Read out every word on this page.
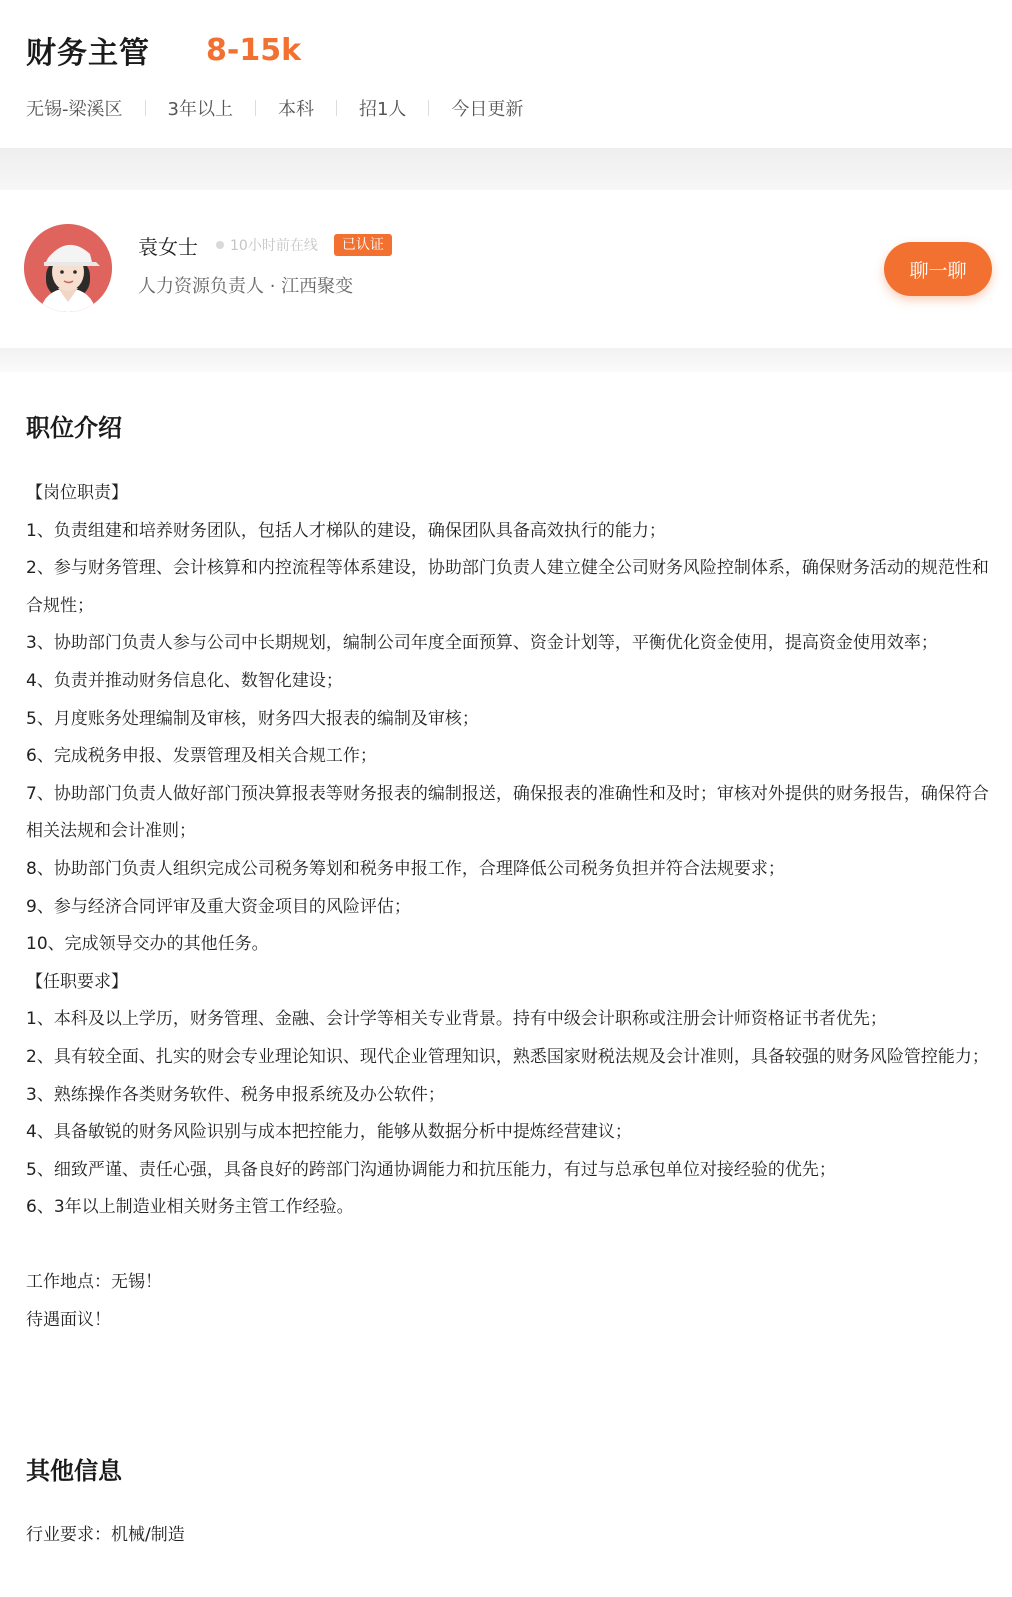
财务主管 8-15k
无锡-梁溪区	3年以上	本科	招1人	今日更新
袁女士 10小时前在线	已认证
人力资源负责人 · 江西聚变
聊一聊
职位介绍

【岗位职责】

1、负责组建和培养财务团队，包括人才梯队的建设，确保团队具备高效执行的能力；

2、参与财务管理、会计核算和内控流程等体系建设，协助部门负责人建立健全公司财务风险控制体系，确保财务活动的规范性和合规性；

3、协助部门负责人参与公司中长期规划，编制公司年度全面预算、资金计划等，平衡优化资金使用，提高资金使用效率；

4、负责并推动财务信息化、数智化建设；

5、月度账务处理编制及审核，财务四大报表的编制及审核；

6、完成税务申报、发票管理及相关合规工作；

7、协助部门负责人做好部门预决算报表等财务报表的编制报送，确保报表的准确性和及时；审核对外提供的财务报告，确保符合相关法规和会计准则；

8、协助部门负责人组织完成公司税务筹划和税务申报工作，合理降低公司税务负担并符合法规要求；

9、参与经济合同评审及重大资金项目的风险评估；

10、完成领导交办的其他任务。

【任职要求】

1、本科及以上学历，财务管理、金融、会计学等相关专业背景。持有中级会计职称或注册会计师资格证书者优先；

2、具有较全面、扎实的财会专业理论知识、现代企业管理知识，熟悉国家财税法规及会计准则，具备较强的财务风险管控能力；

3、熟练操作各类财务软件、税务申报系统及办公软件；

4、具备敏锐的财务风险识别与成本把控能力，能够从数据分析中提炼经营建议；

5、细致严谨、责任心强，具备良好的跨部门沟通协调能力和抗压能力，有过与总承包单位对接经验的优先；

6、3年以上制造业相关财务主管工作经验。

工作地点：无锡！

待遇面议！

其他信息
行业要求：机械/制造
